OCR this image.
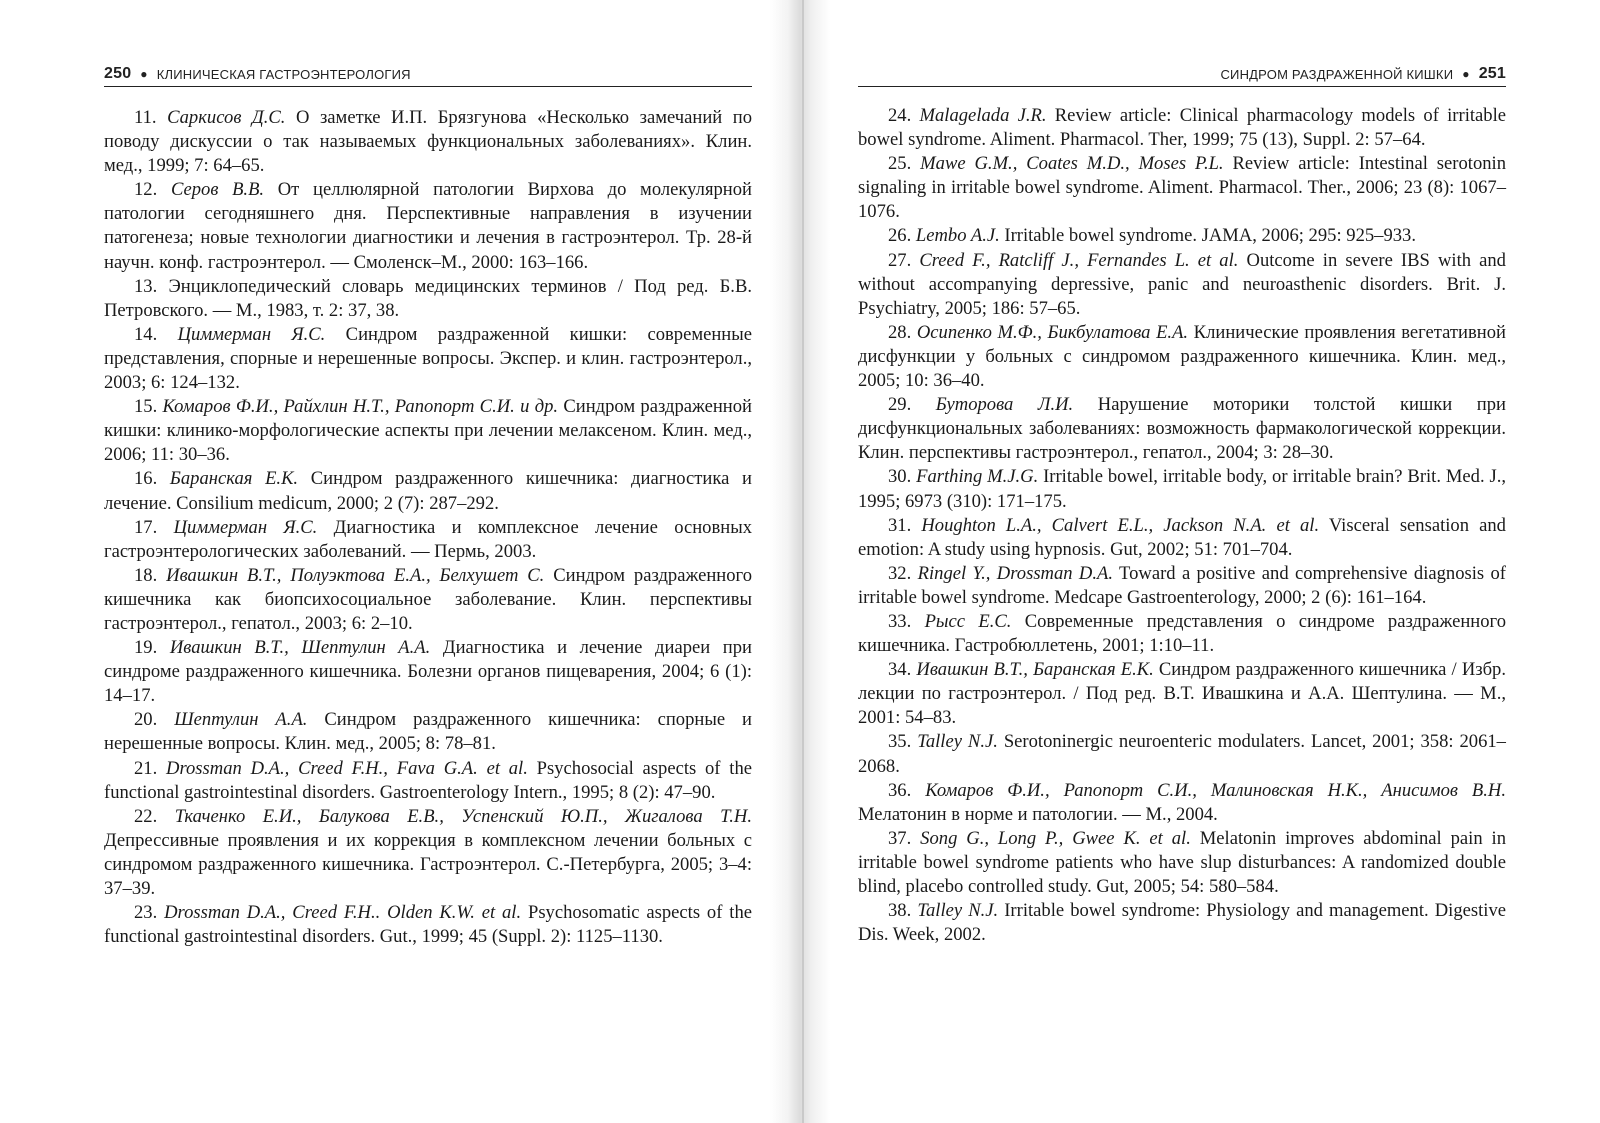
250 ● КЛИНИЧЕСКАЯ ГАСТРОЭНТЕРОЛОГИЯ

11. Саркисов Д.С. О заметке И.П. Брязгунова «Несколько замечаний по поводу дискуссии о так называемых функциональных заболеваниях». Клин. мед., 1999; 7: 64–65.

12. Серов В.В. От целлюлярной патологии Вирхова до молекулярной патологии сегодняшнего дня. Перспективные направления в изучении патогенеза; новые технологии диагностики и лечения в гастроэнтерол. Тр. 28-й научн. конф. гастроэнтерол. — Смоленск–М., 2000: 163–166.

13. Энциклопедический словарь медицинских терминов / Под ред. Б.В. Петровского. — М., 1983, т. 2: 37, 38.

14. Циммерман Я.С. Синдром раздраженной кишки: современные представления, спорные и нерешенные вопросы. Экспер. и клин. гастроэнтерол., 2003; 6: 124–132.

15. Комаров Ф.И., Райхлин Н.Т., Рапопорт С.И. и др. Синдром раздраженной кишки: клинико-морфологические аспекты при лечении мелаксеном. Клин. мед., 2006; 11: 30–36.

16. Баранская Е.К. Синдром раздраженного кишечника: диагностика и лечение. Consilium medicum, 2000; 2 (7): 287–292.

17. Циммерман Я.С. Диагностика и комплексное лечение основных гастроэнтерологических заболеваний. — Пермь, 2003.

18. Ивашкин В.Т., Полуэктова Е.А., Белхушет С. Синдром раздраженного кишечника как биопсихосоциальное заболевание. Клин. перспективы гастроэнтерол., гепатол., 2003; 6: 2–10.

19. Ивашкин В.Т., Шептулин А.А. Диагностика и лечение диареи при синдроме раздраженного кишечника. Болезни органов пищеварения, 2004; 6 (1): 14–17.

20. Шептулин А.А. Синдром раздраженного кишечника: спорные и нерешенные вопросы. Клин. мед., 2005; 8: 78–81.

21. Drossman D.A., Creed F.H., Fava G.A. et al. Psychosocial aspects of the functional gastrointestinal disorders. Gastroenterology Intern., 1995; 8 (2): 47–90.

22. Ткаченко Е.И., Балукова Е.В., Успенский Ю.П., Жигалова Т.Н. Депрессивные проявления и их коррекция в комплексном лечении больных с синдромом раздраженного кишечника. Гастроэнтерол. С.-Петербурга, 2005; 3–4: 37–39.

23. Drossman D.A., Creed F.H.. Olden K.W. et al. Psychosomatic aspects of the functional gastrointestinal disorders. Gut., 1999; 45 (Suppl. 2): 1125–1130.

СИНДРОМ РАЗДРАЖЕННОЙ КИШКИ ● 251

24. Malagelada J.R. Review article: Clinical pharmacology models of irritable bowel syndrome. Aliment. Pharmacol. Ther, 1999; 75 (13), Suppl. 2: 57–64.

25. Mawe G.M., Coates M.D., Moses P.L. Review article: Intestinal serotonin signaling in irritable bowel syndrome. Aliment. Pharmacol. Ther., 2006; 23 (8): 1067–1076.

26. Lembo A.J. Irritable bowel syndrome. JAMA, 2006; 295: 925–933.

27. Creed F., Ratcliff J., Fernandes L. et al. Outcome in severe IBS with and without accompanying depressive, panic and neuroasthenic disorders. Brit. J. Psychiatry, 2005; 186: 57–65.

28. Осипенко М.Ф., Бикбулатова Е.А. Клинические проявления вегетативной дисфункции у больных с синдромом раздраженного кишечника. Клин. мед., 2005; 10: 36–40.

29. Буторова Л.И. Нарушение моторики толстой кишки при дисфункциональных заболеваниях: возможность фармакологической коррекции. Клин. перспективы гастроэнтерол., гепатол., 2004; 3: 28–30.

30. Farthing M.J.G. Irritable bowel, irritable body, or irritable brain? Brit. Med. J., 1995; 6973 (310): 171–175.

31. Houghton L.A., Calvert E.L., Jackson N.A. et al. Visceral sensation and emotion: A study using hypnosis. Gut, 2002; 51: 701–704.

32. Ringel Y., Drossman D.A. Toward a positive and comprehensive diagnosis of irritable bowel syndrome. Medcape Gastroenterology, 2000; 2 (6): 161–164.

33. Рысс Е.С. Современные представления о синдроме раздраженного кишечника. Гастробюллетень, 2001; 1:10–11.

34. Ивашкин В.Т., Баранская Е.К. Синдром раздраженного кишечника / Избр. лекции по гастроэнтерол. / Под ред. В.Т. Ивашкина и А.А. Шептулина. — М., 2001: 54–83.

35. Talley N.J. Serotoninergic neuroenteric modulaters. Lancet, 2001; 358: 2061–2068.

36. Комаров Ф.И., Рапопорт С.И., Малиновская Н.К., Анисимов В.Н. Мелатонин в норме и патологии. — М., 2004.

37. Song G., Long P., Gwee K. et al. Melatonin improves abdominal pain in irritable bowel syndrome patients who have slup disturbances: A randomized double blind, placebo controlled study. Gut, 2005; 54: 580–584.

38. Talley N.J. Irritable bowel syndrome: Physiology and management. Digestive Dis. Week, 2002.
